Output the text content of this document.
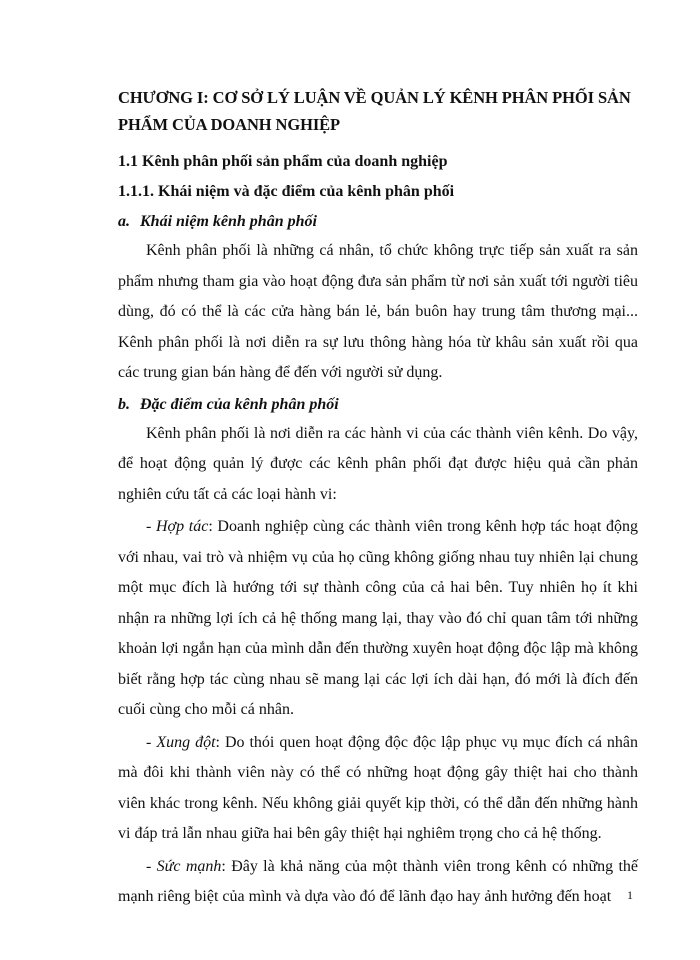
CHƯƠNG I: CƠ SỞ LÝ LUẬN VỀ QUẢN LÝ KÊNH PHÂN PHỐI SẢN PHẨM CỦA DOANH NGHIỆP

1.1 Kênh phân phối sản phẩm của doanh nghiệp

1.1.1. Khái niệm và đặc điểm của kênh phân phối

a. Khái niệm kênh phân phối

Kênh phân phối là những cá nhân, tổ chức không trực tiếp sản xuất ra sản phẩm nhưng tham gia vào hoạt động đưa sản phẩm từ nơi sản xuất tới người tiêu dùng, đó có thể là các cửa hàng bán lẻ, bán buôn hay trung tâm thương mại... Kênh phân phối là nơi diễn ra sự lưu thông hàng hóa từ khâu sản xuất rồi qua các trung gian bán hàng để đến với người sử dụng.

b. Đặc điểm của kênh phân phối

Kênh phân phối là nơi diễn ra các hành vi của các thành viên kênh. Do vậy, để hoạt động quản lý được các kênh phân phối đạt được hiệu quả cần phản nghiên cứu tất cả các loại hành vi:

- Hợp tác: Doanh nghiệp cùng các thành viên trong kênh hợp tác hoạt động với nhau, vai trò và nhiệm vụ của họ cũng không giống nhau tuy nhiên lại chung một mục đích là hướng tới sự thành công của cả hai bên. Tuy nhiên họ ít khi nhận ra những lợi ích cả hệ thống mang lại, thay vào đó chỉ quan tâm tới những khoản lợi ngắn hạn của mình dẫn đến thường xuyên hoạt động độc lập mà không biết rằng hợp tác cùng nhau sẽ mang lại các lợi ích dài hạn, đó mới là đích đến cuối cùng cho mỗi cá nhân.

- Xung đột: Do thói quen hoạt động độc độc lập phục vụ mục đích cá nhân mà đôi khi thành viên này có thể có những hoạt động gây thiệt hai cho thành viên khác trong kênh. Nếu không giải quyết kịp thời, có thể dẫn đến những hành vi đáp trả lẫn nhau giữa hai bên gây thiệt hại nghiêm trọng cho cả hệ thống.

- Sức mạnh: Đây là khả năng của một thành viên trong kênh có những thế mạnh riêng biệt của mình và dựa vào đó để lãnh đạo hay ảnh hưởng đến hoạt	1
